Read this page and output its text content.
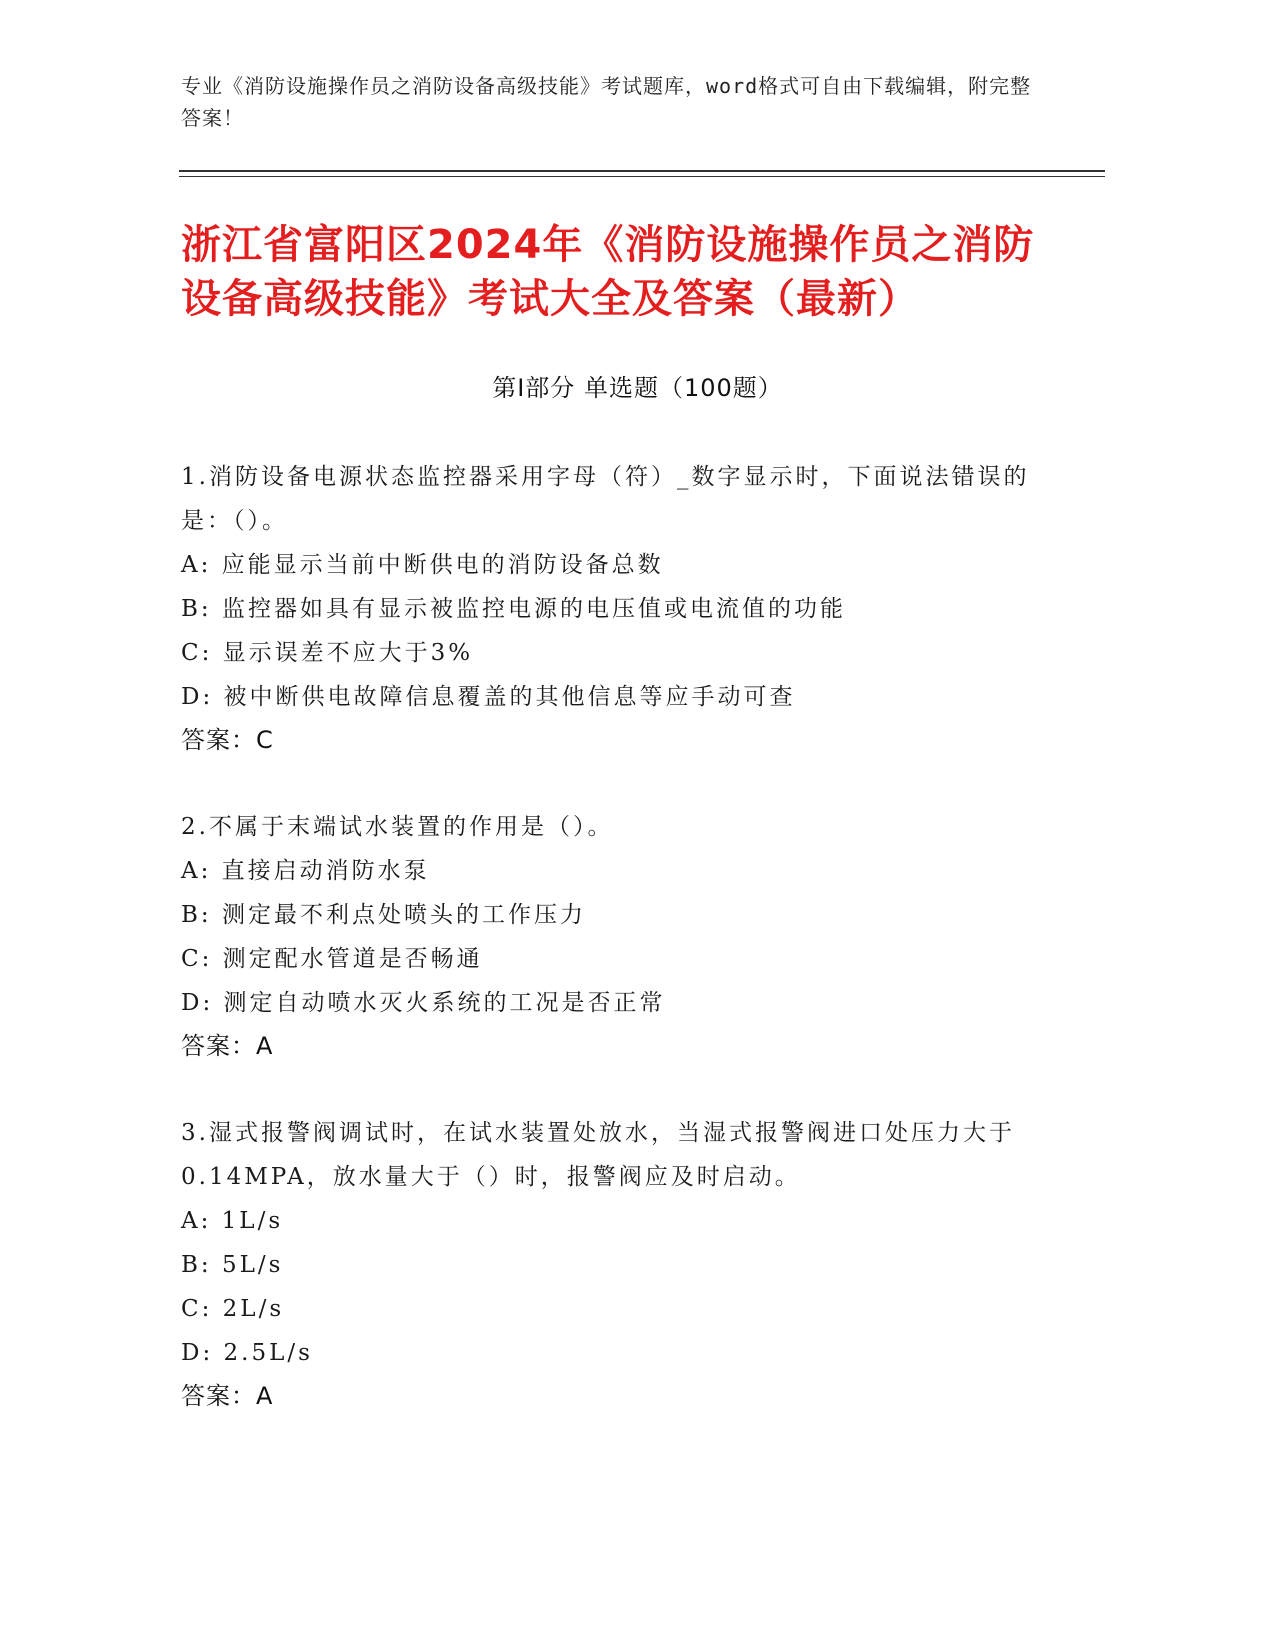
专业《消防设施操作员之消防设备高级技能》考试题库，word格式可自由下载编辑，附完整答案！
浙江省富阳区2024年《消防设施操作员之消防设备高级技能》考试大全及答案（最新）
第Ⅰ部分 单选题（100题）
1.消防设备电源状态监控器采用字母（符）_数字显示时，下面说法错误的是：（）。
A: 应能显示当前中断供电的消防设备总数
B: 监控器如具有显示被监控电源的电压值或电流值的功能
C: 显示误差不应大于3%
D: 被中断供电故障信息覆盖的其他信息等应手动可查
答案：C
2.不属于末端试水装置的作用是（）。
A: 直接启动消防水泵
B: 测定最不利点处喷头的工作压力
C: 测定配水管道是否畅通
D: 测定自动喷水灭火系统的工况是否正常
答案：A
3.湿式报警阀调试时，在试水装置处放水，当湿式报警阀进口处压力大于0.14MPA，放水量大于（）时，报警阀应及时启动。
A: 1L/s
B: 5L/s
C: 2L/s
D: 2.5L/s
答案：A
